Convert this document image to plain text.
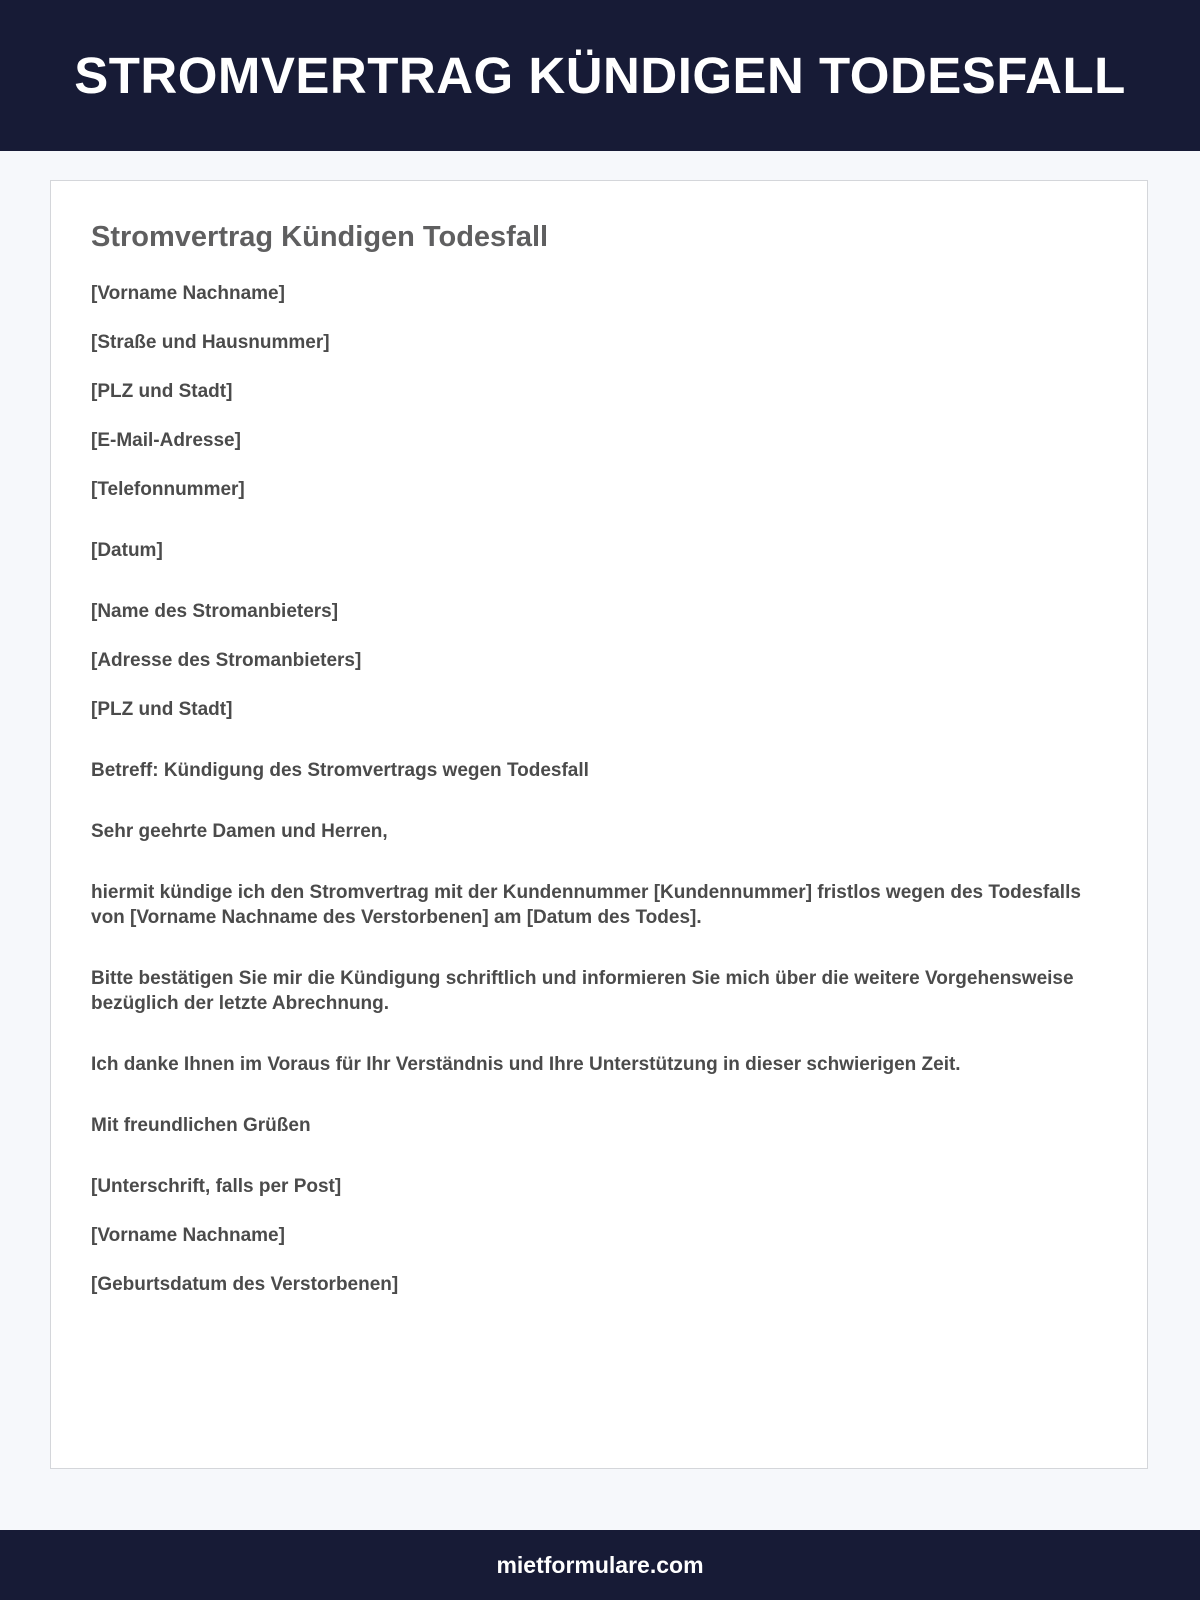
STROMVERTRAG KÜNDIGEN TODESFALL
Stromvertrag Kündigen Todesfall

[Vorname Nachname]

[Straße und Hausnummer]

[PLZ und Stadt]

[E-Mail-Adresse]

[Telefonnummer]

[Datum]

[Name des Stromanbieters]

[Adresse des Stromanbieters]

[PLZ und Stadt]

Betreff: Kündigung des Stromvertrags wegen Todesfall

Sehr geehrte Damen und Herren,

hiermit kündige ich den Stromvertrag mit der Kundennummer [Kundennummer] fristlos wegen des Todesfalls von [Vorname Nachname des Verstorbenen] am [Datum des Todes].

Bitte bestätigen Sie mir die Kündigung schriftlich und informieren Sie mich über die weitere Vorgehensweise bezüglich der letzte Abrechnung.

Ich danke Ihnen im Voraus für Ihr Verständnis und Ihre Unterstützung in dieser schwierigen Zeit.

Mit freundlichen Grüßen

[Unterschrift, falls per Post]

[Vorname Nachname]

[Geburtsdatum des Verstorbenen]

mietformulare.com
